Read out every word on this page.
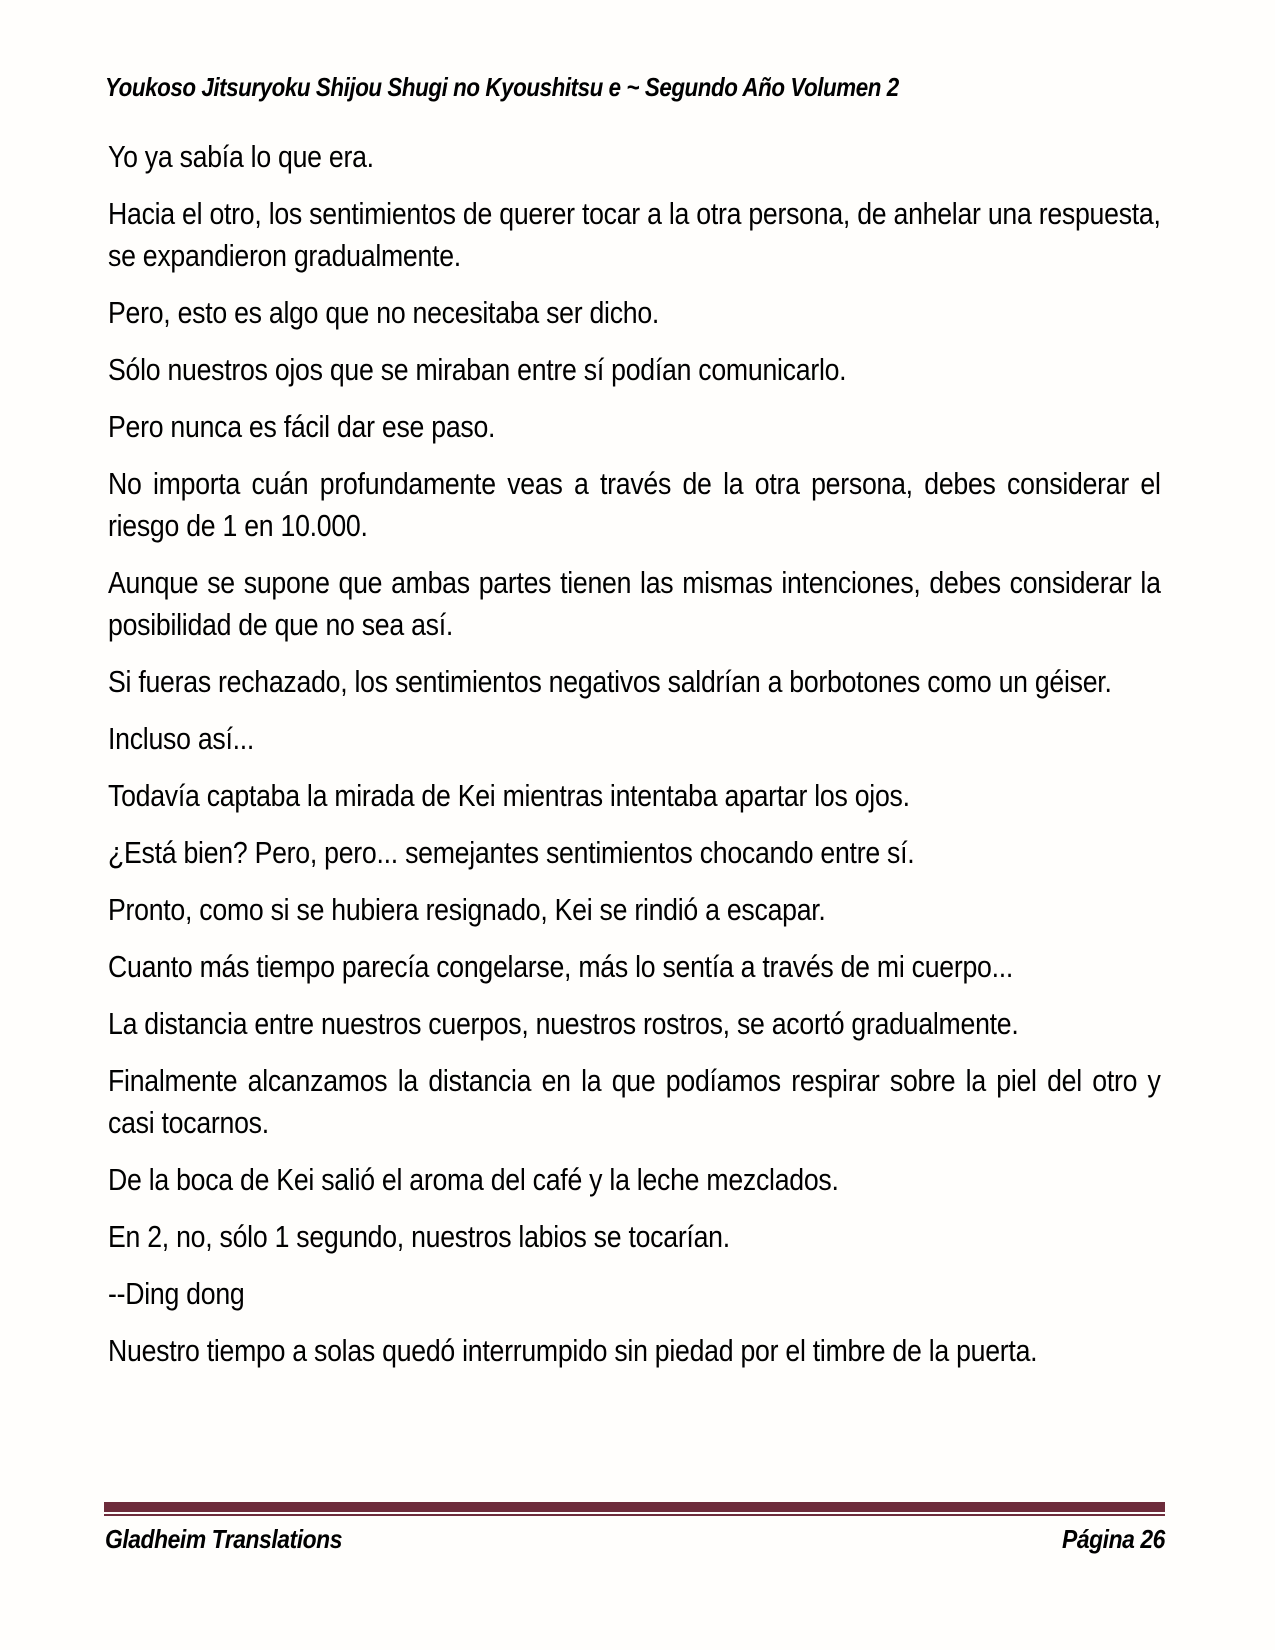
Youkoso Jitsuryoku Shijou Shugi no Kyoushitsu e ~ Segundo Año Volumen 2

Yo ya sabía lo que era.

Hacia el otro, los sentimientos de querer tocar a la otra persona, de anhelar una respuesta, se expandieron gradualmente.

Pero, esto es algo que no necesitaba ser dicho.

Sólo nuestros ojos que se miraban entre sí podían comunicarlo.

Pero nunca es fácil dar ese paso.

No importa cuán profundamente veas a través de la otra persona, debes considerar el riesgo de 1 en 10.000.

Aunque se supone que ambas partes tienen las mismas intenciones, debes considerar la posibilidad de que no sea así.

Si fueras rechazado, los sentimientos negativos saldrían a borbotones como un géiser.

Incluso así...

Todavía captaba la mirada de Kei mientras intentaba apartar los ojos.

¿Está bien? Pero, pero... semejantes sentimientos chocando entre sí.

Pronto, como si se hubiera resignado, Kei se rindió a escapar.

Cuanto más tiempo parecía congelarse, más lo sentía a través de mi cuerpo...

La distancia entre nuestros cuerpos, nuestros rostros, se acortó gradualmente.

Finalmente alcanzamos la distancia en la que podíamos respirar sobre la piel del otro y casi tocarnos.

De la boca de Kei salió el aroma del café y la leche mezclados.

En 2, no, sólo 1 segundo, nuestros labios se tocarían.

--Ding dong

Nuestro tiempo a solas quedó interrumpido sin piedad por el timbre de la puerta.

Gladheim Translations	Página 26
